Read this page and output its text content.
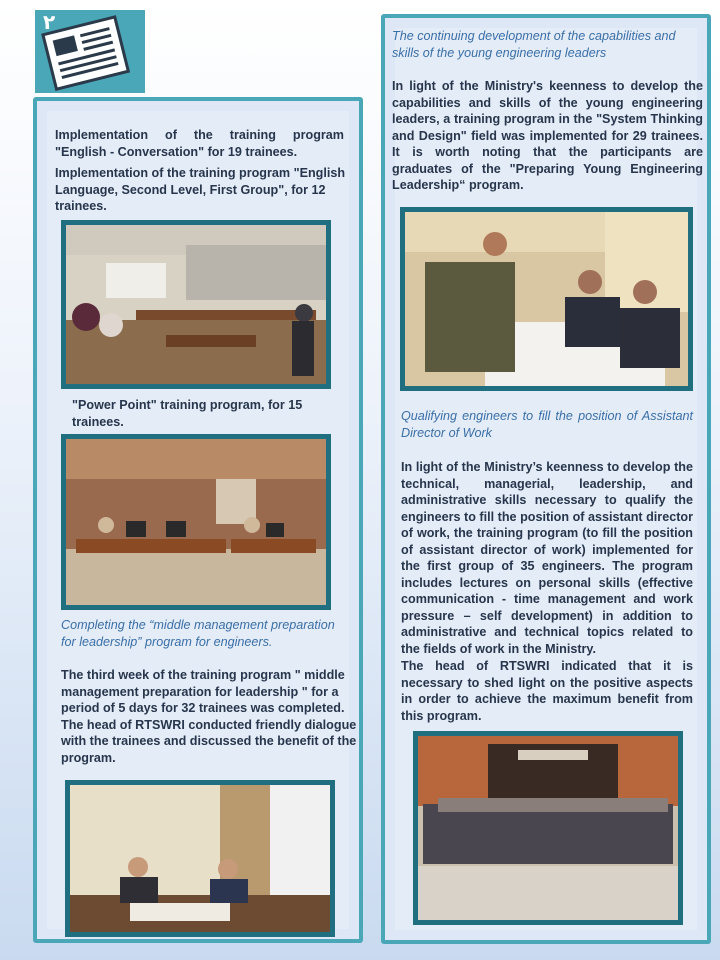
٢
Implementation of the training program "English - Conversation" for 19 trainees.
Implementation of the training program "English Language, Second Level, First Group", for 12 trainees.
"Power Point" training program, for 15 trainees.
Completing the “middle management preparation for leadership” program for engineers.
The third week of the training program " middle management preparation for leadership " for a period of 5 days for 32 trainees was completed. The head of RTSWRI conducted friendly dialogue with the trainees and discussed the benefit of the program.
The continuing development of the capabilities and skills of the young engineering leaders
In light of the Ministry's keenness to develop the capabilities and skills of the young engineering leaders, a training program in the "System Thinking and Design" field was implemented for 29 trainees. It is worth noting that the participants are graduates of the "Preparing Young Engineering Leadership“ program.
Qualifying engineers to fill the position of Assistant Director of Work
In light of the Ministry’s keenness to develop the technical, managerial, leadership, and administrative skills necessary to qualify the engineers to fill the position of assistant director of work, the training program (to fill the position of assistant director of work) implemented for the first group of 35 engineers. The program includes lectures on personal skills (effective communication - time management and work pressure – self development) in addition to administrative and technical topics related to the fields of work in the Ministry.
The head of RTSWRI indicated that it is necessary to shed light on the positive aspects in order to achieve the maximum benefit from this program.
